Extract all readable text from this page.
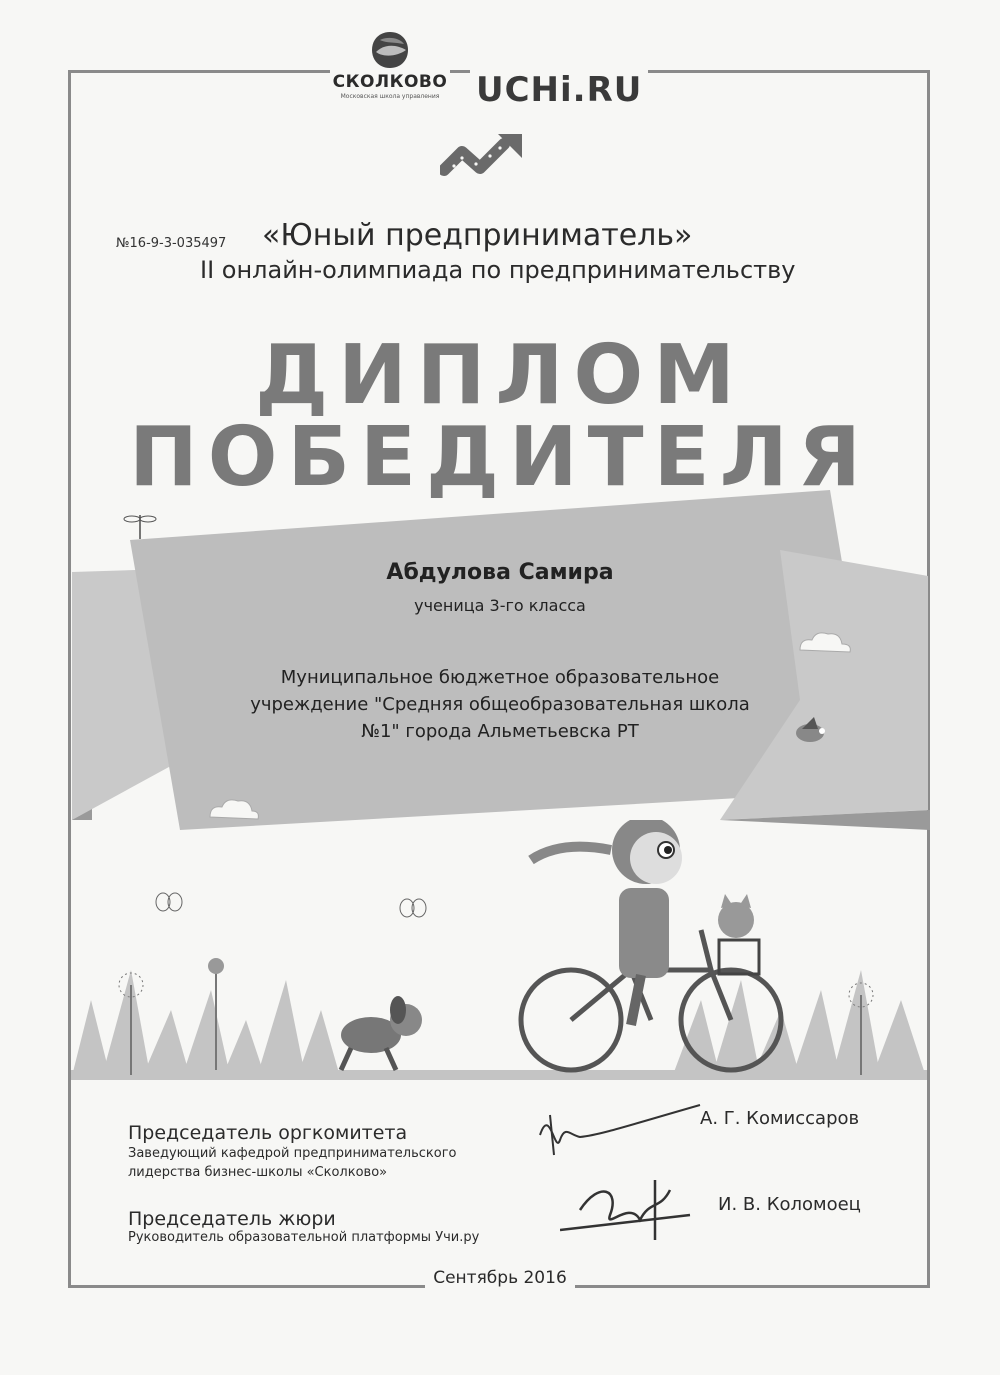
СКОЛКОВО
Московская школа управления	UCHi.RU
№16-9-3-035497 «Юный предприниматель»
II онлайн-олимпиада по предпринимательству
ДИПЛОМ
ПОБЕДИТЕЛЯ
Абдулова Самира
ученица 3-го класса
Муниципальное бюджетное образовательное
учреждение "Средняя общеобразовательная школа
№1" города Альметьевска РТ
Председатель оргкомитета
Заведующий кафедрой предпринимательского
лидерства бизнес-школы «Сколково»
А. Г. Комиссаров
Председатель жюри
Руководитель образовательной платформы Учи.ру
И. В. Коломоец
Сентябрь 2016
